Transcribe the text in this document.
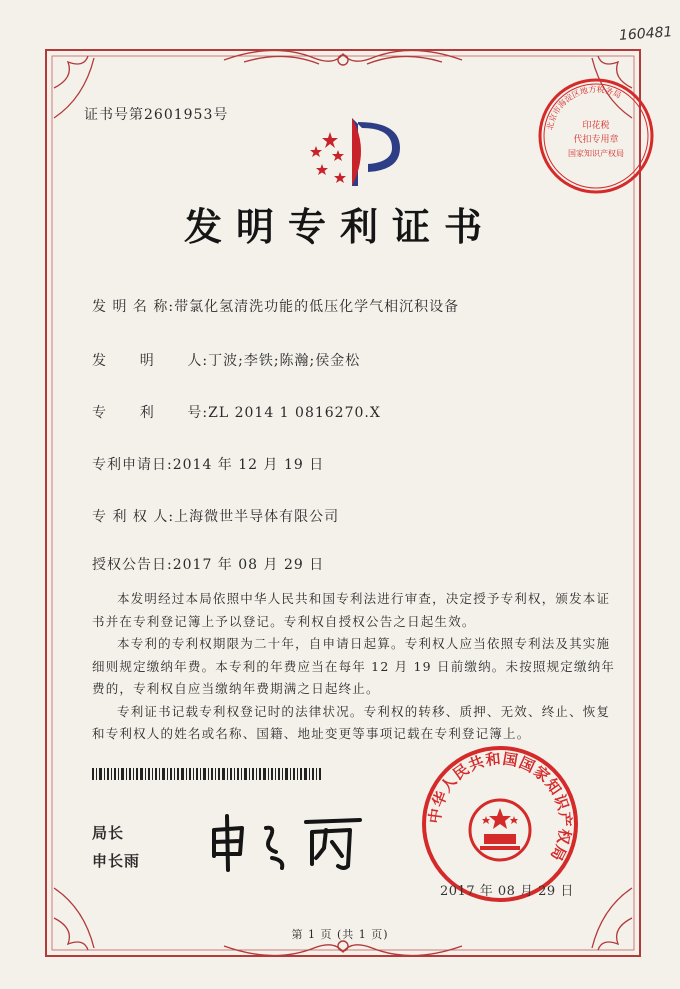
160481
证书号第2601953号
北京市海淀区地方税务局
印花税
代扣专用章
国家知识产权局
发明专利证书
发 明 名 称:带氯化氢清洗功能的低压化学气相沉积设备
发      明      人:丁波;李铁;陈瀚;侯金松
专      利      号:ZL 2014 1 0816270.X
专利申请日:2014 年 12 月 19 日
专 利 权 人:上海微世半导体有限公司
授权公告日:2017 年 08 月 29 日

本发明经过本局依照中华人民共和国专利法进行审查，决定授予专利权，颁发本证书并在专利登记簿上予以登记。专利权自授权公告之日起生效。

本专利的专利权期限为二十年，自申请日起算。专利权人应当依照专利法及其实施细则规定缴纳年费。本专利的年费应当在每年 12 月 19 日前缴纳。未按照规定缴纳年费的，专利权自应当缴纳年费期满之日起终止。

专利证书记载专利权登记时的法律状况。专利权的转移、质押、无效、终止、恢复和专利权人的姓名或名称、国籍、地址变更等事项记载在专利登记簿上。

局长
申长雨
中华人民共和国国家知识产权局
2017 年 08 月 29 日
第 1 页 (共 1 页)
